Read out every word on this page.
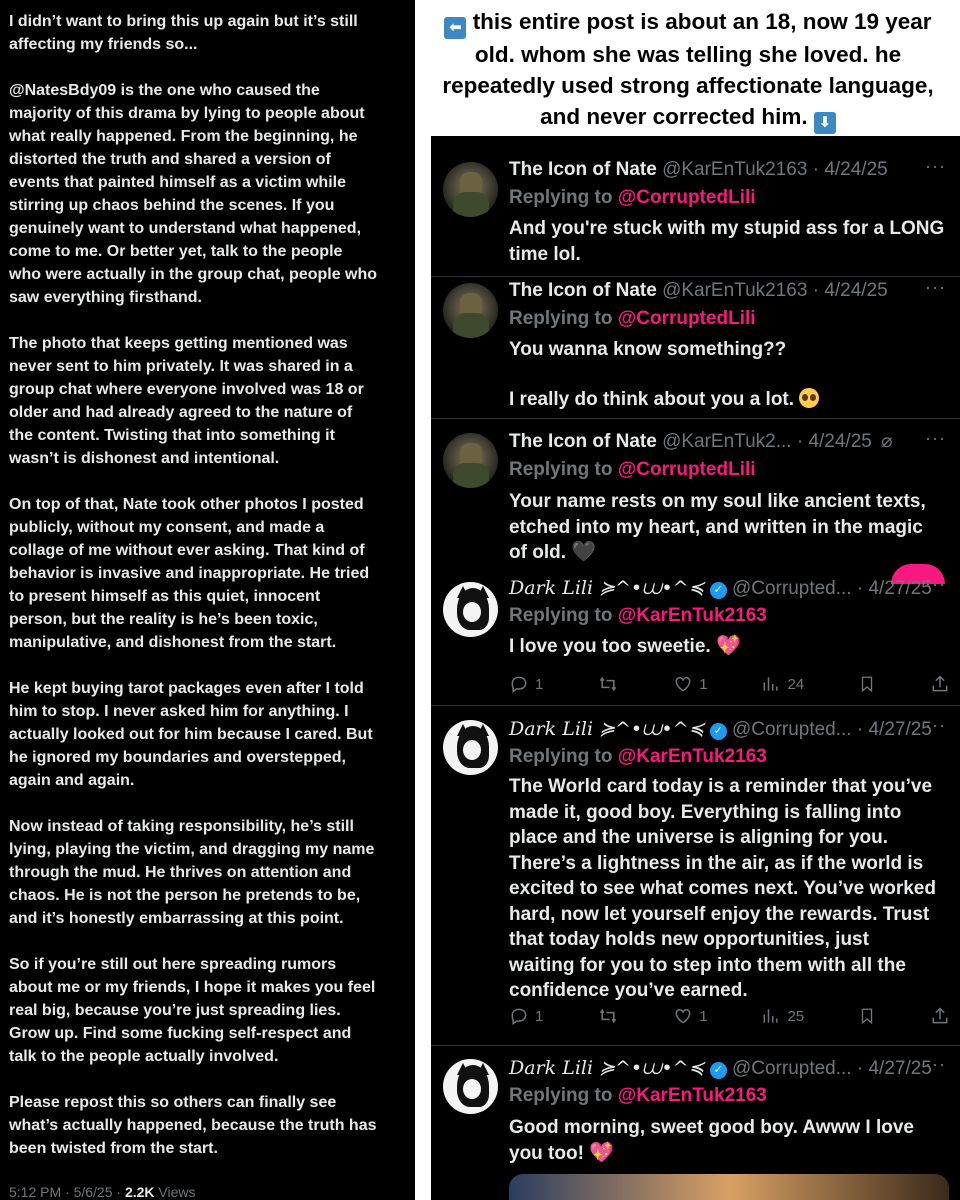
I didn’t want to bring this up again but it’s still
affecting my friends so...

@NatesBdy09 is the one who caused the
majority of this drama by lying to people about
what really happened. From the beginning, he
distorted the truth and shared a version of
events that painted himself as a victim while
stirring up chaos behind the scenes. If you
genuinely want to understand what happened,
come to me. Or better yet, talk to the people
who were actually in the group chat, people who
saw everything firsthand.

The photo that keeps getting mentioned was
never sent to him privately. It was shared in a
group chat where everyone involved was 18 or
older and had already agreed to the nature of
the content. Twisting that into something it
wasn’t is dishonest and intentional.

On top of that, Nate took other photos I posted
publicly, without my consent, and made a
collage of me without ever asking. That kind of
behavior is invasive and inappropriate. He tried
to present himself as this quiet, innocent
person, but the reality is he’s been toxic,
manipulative, and dishonest from the start.

He kept buying tarot packages even after I told
him to stop. I never asked him for anything. I
actually looked out for him because I cared. But
he ignored my boundaries and overstepped,
again and again.

Now instead of taking responsibility, he’s still
lying, playing the victim, and dragging my name
through the mud. He thrives on attention and
chaos. He is not the person he pretends to be,
and it’s honestly embarrassing at this point.

So if you’re still out here spreading rumors
about me or my friends, I hope it makes you feel
real big, because you’re just spreading lies.
Grow up. Find some fucking self-respect and
talk to the people actually involved.

Please repost this so others can finally see
what’s actually happened, because the truth has
been twisted from the start.

5:12 PM · 5/6/25 · 2.2K Views
⬅ this entire post is about an 18, now 19 year old. whom she was telling she loved. he repeatedly used strong affectionate language, and never corrected him. ⬇
The Icon of Nate @KarEnTuk2163 · 4/24/25 ···
Replying to @CorruptedLili
And you're stuck with my stupid ass for a LONG
time lol.
The Icon of Nate @KarEnTuk2163 · 4/24/25 ···
Replying to @CorruptedLili
You wanna know something??
I really do think about you a lot.
The Icon of Nate @KarEnTuk2... · 4/24/25 ⌀ ···
Replying to @CorruptedLili
Your name rests on my soul like ancient texts,
etched into my heart, and written in the magic
of old. 🖤
𝐷𝑎𝑟𝑘 𝐿𝑖𝑙𝑖 ≽^•⩊•^≼ ✓ @Corrupted... · 4/27/25
···
Replying to @KarEnTuk2163
I love you too sweetie. 💖
1	1	24
𝐷𝑎𝑟𝑘 𝐿𝑖𝑙𝑖 ≽^•⩊•^≼ ✓ @Corrupted... · 4/27/25
···
Replying to @KarEnTuk2163
The World card today is a reminder that you’ve
made it, good boy. Everything is falling into
place and the universe is aligning for you.
There’s a lightness in the air, as if the world is
excited to see what comes next. You’ve worked
hard, now let yourself enjoy the rewards. Trust
that today holds new opportunities, just
waiting for you to step into them with all the
confidence you’ve earned.
1	1	25
𝐷𝑎𝑟𝑘 𝐿𝑖𝑙𝑖 ≽^•⩊•^≼ ✓ @Corrupted... · 4/27/25
···
Replying to @KarEnTuk2163
Good morning, sweet good boy. Awww I love
you too! 💖
